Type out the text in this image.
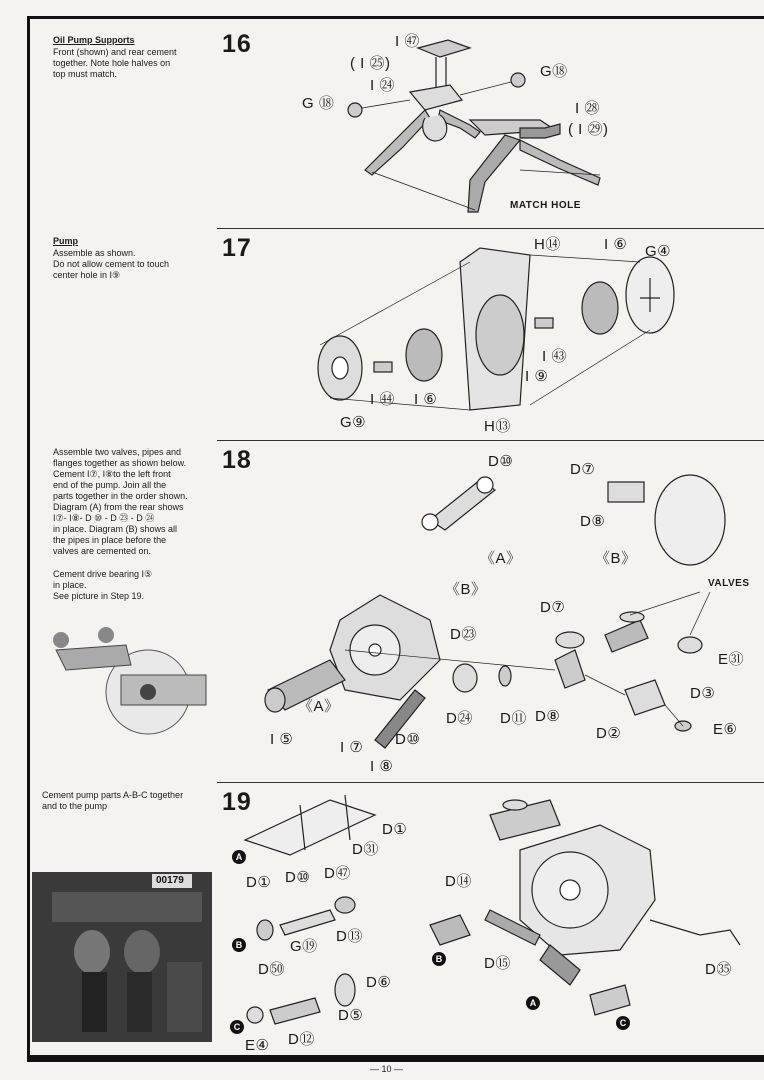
16
Oil Pump Supports
Front (shown) and rear cement
together. Note hole halves on
top must match.
I ㊼
( I ㉕)
I ㉔
G⑱
G ⑱	I ㉘
( I ㉙)
MATCH HOLE
17
Pump
Assemble as shown.
Do not allow cement to touch
center hole in I⑨
H⑭	I ⑥ G④
I ㊸
I ⑨
I ㊹ I ⑥
G⑨	H⑬
18
Assemble two valves, pipes and
flanges together as shown below.
Cement I⑦, I⑧to the left front
end of the pump. Join all the
parts together in the order shown.
Diagram (A) from the rear shows
I⑦- I⑧- D ⑩ - D ㉓ - D ㉔
in place. Diagram (B) shows all
the pipes in place before the
valves are cemented on.
Cement drive bearing I⑤
in place.
See picture in Step 19.
D⑩	D⑦
D⑧
《A》	《B》
《B》
D⑦
VALVES
D㉓
E㉛
D③
《A》
D㉔ D⑪ D⑧
D②	E⑥
I ⑤	I ⑦ D⑩
I ⑧
19
Cement pump parts A-B-C together
and to the pump
00179
A
B
C
B
A
C
D①
D㉛
D① D⑩ D㊼
G⑲
D⑬
D㊿
D⑥
D⑤
D⑫
E④
D⑭
D⑮	D㉟
— 10 —
